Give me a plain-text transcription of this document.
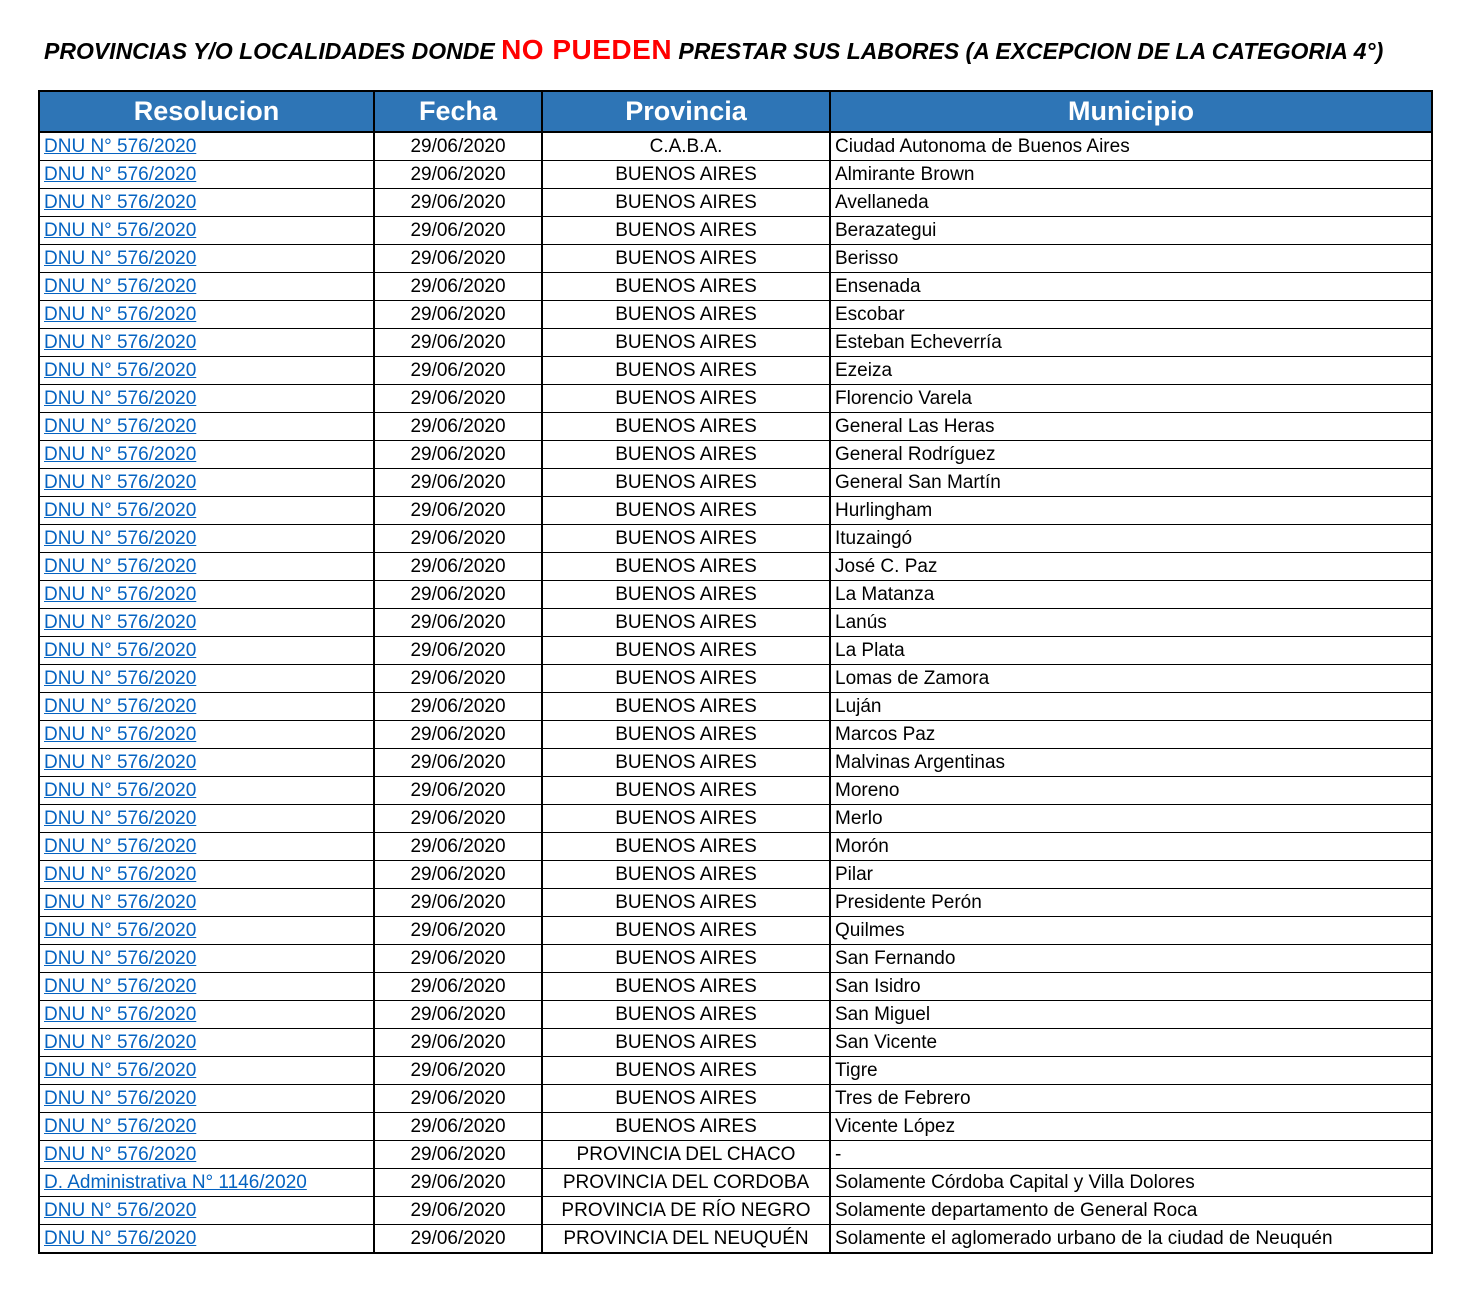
PROVINCIAS Y/O LOCALIDADES DONDE NO PUEDEN PRESTAR SUS LABORES (A EXCEPCION DE LA CATEGORIA 4°)
Resolucion	Fecha	Provincia	Municipio
DNU N° 576/2020	29/06/2020	C.A.B.A.	Ciudad Autonoma de Buenos Aires
DNU N° 576/2020	29/06/2020	BUENOS AIRES	Almirante Brown
DNU N° 576/2020	29/06/2020	BUENOS AIRES	Avellaneda
DNU N° 576/2020	29/06/2020	BUENOS AIRES	Berazategui
DNU N° 576/2020	29/06/2020	BUENOS AIRES	Berisso
DNU N° 576/2020	29/06/2020	BUENOS AIRES	Ensenada
DNU N° 576/2020	29/06/2020	BUENOS AIRES	Escobar
DNU N° 576/2020	29/06/2020	BUENOS AIRES	Esteban Echeverría
DNU N° 576/2020	29/06/2020	BUENOS AIRES	Ezeiza
DNU N° 576/2020	29/06/2020	BUENOS AIRES	Florencio Varela
DNU N° 576/2020	29/06/2020	BUENOS AIRES	General Las Heras
DNU N° 576/2020	29/06/2020	BUENOS AIRES	General Rodríguez
DNU N° 576/2020	29/06/2020	BUENOS AIRES	General San Martín
DNU N° 576/2020	29/06/2020	BUENOS AIRES	Hurlingham
DNU N° 576/2020	29/06/2020	BUENOS AIRES	Ituzaingó
DNU N° 576/2020	29/06/2020	BUENOS AIRES	José C. Paz
DNU N° 576/2020	29/06/2020	BUENOS AIRES	La Matanza
DNU N° 576/2020	29/06/2020	BUENOS AIRES	Lanús
DNU N° 576/2020	29/06/2020	BUENOS AIRES	La Plata
DNU N° 576/2020	29/06/2020	BUENOS AIRES	Lomas de Zamora
DNU N° 576/2020	29/06/2020	BUENOS AIRES	Luján
DNU N° 576/2020	29/06/2020	BUENOS AIRES	Marcos Paz
DNU N° 576/2020	29/06/2020	BUENOS AIRES	Malvinas Argentinas
DNU N° 576/2020	29/06/2020	BUENOS AIRES	Moreno
DNU N° 576/2020	29/06/2020	BUENOS AIRES	Merlo
DNU N° 576/2020	29/06/2020	BUENOS AIRES	Morón
DNU N° 576/2020	29/06/2020	BUENOS AIRES	Pilar
DNU N° 576/2020	29/06/2020	BUENOS AIRES	Presidente Perón
DNU N° 576/2020	29/06/2020	BUENOS AIRES	Quilmes
DNU N° 576/2020	29/06/2020	BUENOS AIRES	San Fernando
DNU N° 576/2020	29/06/2020	BUENOS AIRES	San Isidro
DNU N° 576/2020	29/06/2020	BUENOS AIRES	San Miguel
DNU N° 576/2020	29/06/2020	BUENOS AIRES	San Vicente
DNU N° 576/2020	29/06/2020	BUENOS AIRES	Tigre
DNU N° 576/2020	29/06/2020	BUENOS AIRES	Tres de Febrero
DNU N° 576/2020	29/06/2020	BUENOS AIRES	Vicente López
DNU N° 576/2020	29/06/2020	PROVINCIA DEL CHACO	-
D. Administrativa N° 1146/2020	29/06/2020	PROVINCIA DEL CORDOBA	Solamente Córdoba Capital y Villa Dolores
DNU N° 576/2020	29/06/2020	PROVINCIA DE RÍO NEGRO	Solamente departamento de General Roca
DNU N° 576/2020	29/06/2020	PROVINCIA DEL NEUQUÉN	Solamente el aglomerado urbano de la ciudad de Neuquén
